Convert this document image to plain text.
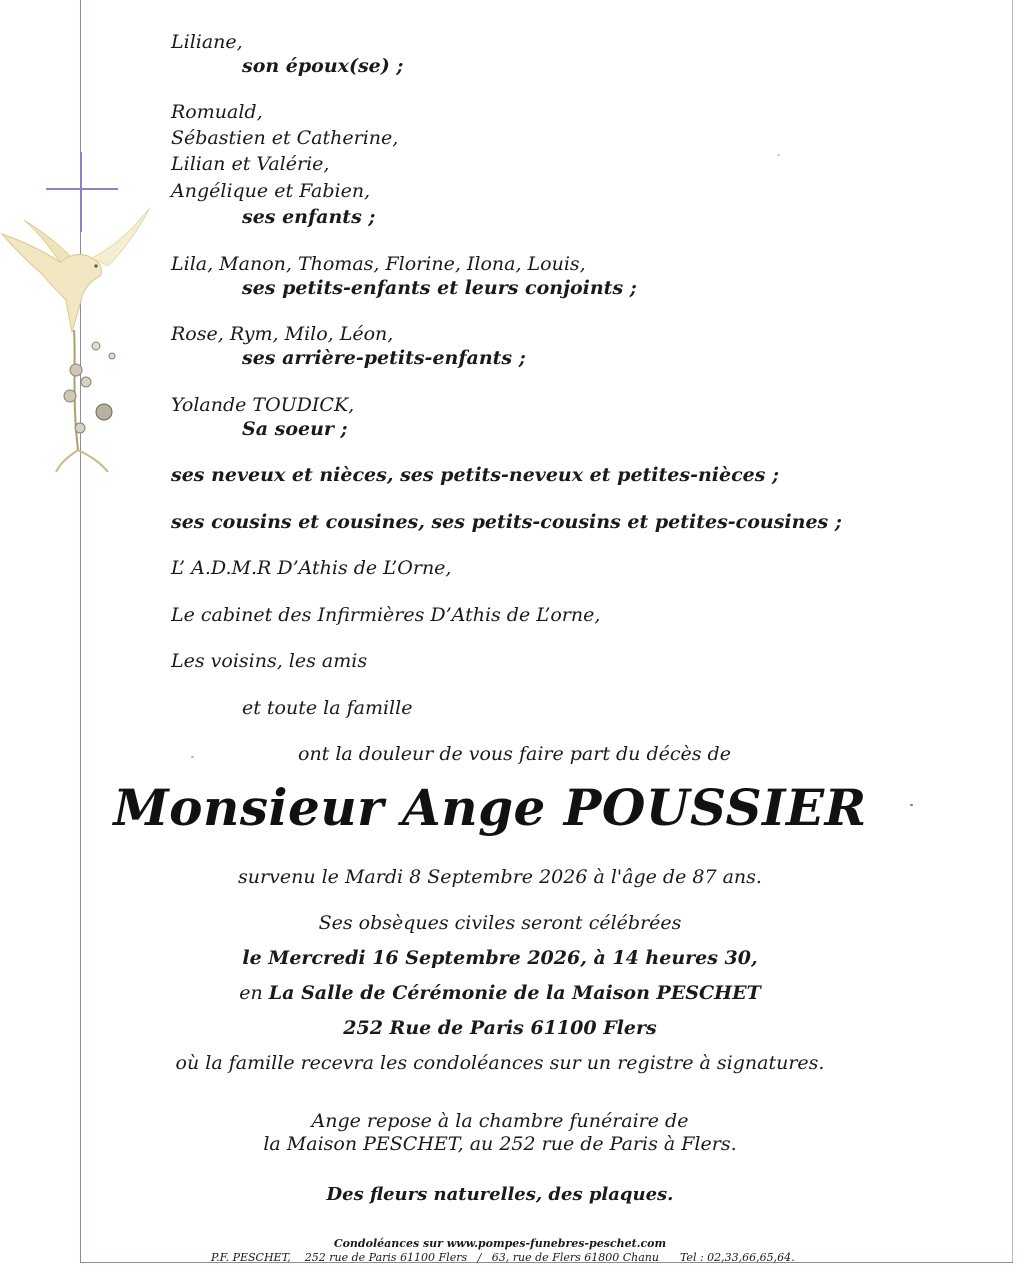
Liliane,
son époux(se) ;
Romuald,
Sébastien et Catherine,
Lilian et Valérie,
Angélique et Fabien,
ses enfants ;
Lila, Manon, Thomas, Florine, Ilona, Louis,
ses petits-enfants et leurs conjoints ;
Rose, Rym, Milo, Léon,
ses arrière-petits-enfants ;
Yolande TOUDICK,
Sa soeur ;
ses neveux et nièces, ses petits-neveux et petites-nièces ;
ses cousins et cousines, ses petits-cousins et petites-cousines ;
L’ A.D.M.R D’Athis de L’Orne,
Le cabinet des Infirmières D’Athis de L’orne,
Les voisins, les amis
et toute la famille
ont la douleur de vous faire part du décès de
Monsieur Ange POUSSIER
survenu le Mardi 8 Septembre 2026 à l'âge de 87 ans.
Ses obsèques civiles seront célébrées
le Mercredi 16 Septembre 2026, à 14 heures 30,
en La Salle de Cérémonie de la Maison PESCHET
252 Rue de Paris 61100 Flers
où la famille recevra les condoléances sur un registre à signatures.
Ange repose à la chambre funéraire de
la Maison PESCHET, au 252 rue de Paris à Flers.
Des fleurs naturelles, des plaques.
Condoléances sur www.pompes-funebres-peschet.com
P.F. PESCHET,    252 rue de Paris 61100 Flers   /   63, rue de Flers 61800 Chanu      Tel : 02,33,66,65,64.
